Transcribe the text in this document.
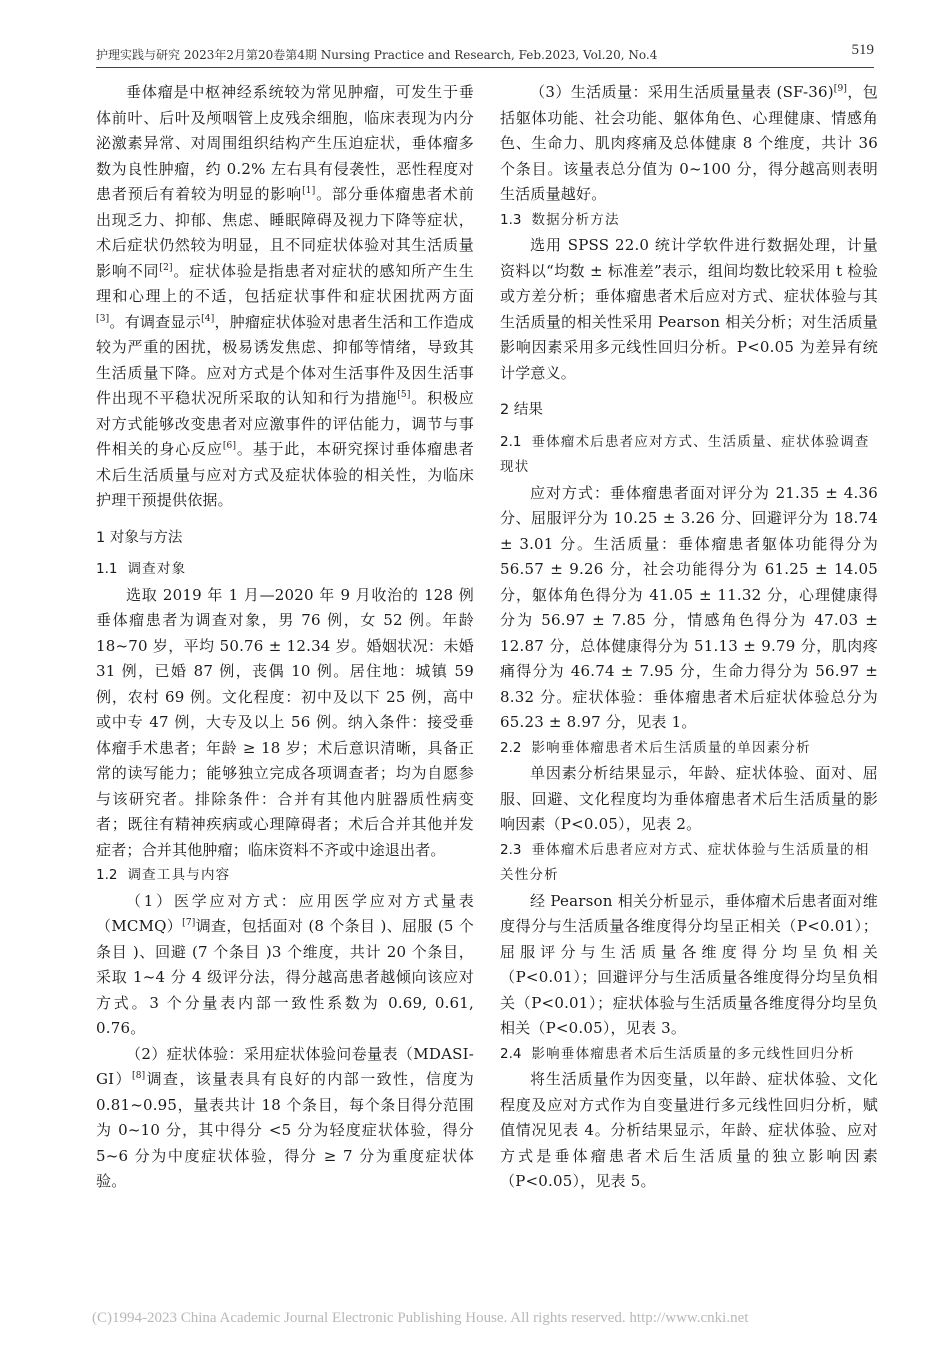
护理实践与研究 2023年2月第20卷第4期 Nursing Practice and Research, Feb.2023, Vol.20, No.4	519

垂体瘤是中枢神经系统较为常见肿瘤，可发生于垂体前叶、后叶及颅咽管上皮残余细胞，临床表现为内分泌激素异常、对周围组织结构产生压迫症状，垂体瘤多数为良性肿瘤，约 0.2% 左右具有侵袭性，恶性程度对患者预后有着较为明显的影响[1]。部分垂体瘤患者术前出现乏力、抑郁、焦虑、睡眠障碍及视力下降等症状，术后症状仍然较为明显，且不同症状体验对其生活质量影响不同[2]。症状体验是指患者对症状的感知所产生生理和心理上的不适，包括症状事件和症状困扰两方面[3]。有调查显示[4]，肿瘤症状体验对患者生活和工作造成较为严重的困扰，极易诱发焦虑、抑郁等情绪，导致其生活质量下降。应对方式是个体对生活事件及因生活事件出现不平稳状况所采取的认知和行为措施[5]。积极应对方式能够改变患者对应激事件的评估能力，调节与事件相关的身心反应[6]。基于此，本研究探讨垂体瘤患者术后生活质量与应对方式及症状体验的相关性，为临床护理干预提供依据。

1 对象与方法
1.1 调查对象

选取 2019 年 1 月—2020 年 9 月收治的 128 例垂体瘤患者为调查对象，男 76 例，女 52 例。年龄 18~70 岁，平均 50.76 ± 12.34 岁。婚姻状况：未婚 31 例，已婚 87 例，丧偶 10 例。居住地：城镇 59 例，农村 69 例。文化程度：初中及以下 25 例，高中或中专 47 例，大专及以上 56 例。纳入条件：接受垂体瘤手术患者；年龄 ≥ 18 岁；术后意识清晰，具备正常的读写能力；能够独立完成各项调查者；均为自愿参与该研究者。排除条件：合并有其他内脏器质性病变者；既往有精神疾病或心理障碍者；术后合并其他并发症者；合并其他肿瘤；临床资料不齐或中途退出者。

1.2 调查工具与内容

（1）医学应对方式：应用医学应对方式量表（MCMQ）[7]调查，包括面对 (8 个条目 )、屈服 (5 个条目 )、回避 (7 个条目 )3 个维度，共计 20 个条目，采取 1~4 分 4 级评分法，得分越高患者越倾向该应对方式。3 个分量表内部一致性系数为 0.69, 0.61, 0.76。

（2）症状体验：采用症状体验问卷量表（MDASI-GI）[8]调查，该量表具有良好的内部一致性，信度为 0.81~0.95，量表共计 18 个条目，每个条目得分范围为 0~10 分，其中得分 <5 分为轻度症状体验，得分 5~6 分为中度症状体验，得分 ≥ 7 分为重度症状体验。

（3）生活质量：采用生活质量量表 (SF-36)[9]，包括躯体功能、社会功能、躯体角色、心理健康、情感角色、生命力、肌肉疼痛及总体健康 8 个维度，共计 36 个条目。该量表总分值为 0~100 分，得分越高则表明生活质量越好。

1.3 数据分析方法

选用 SPSS 22.0 统计学软件进行数据处理，计量资料以“均数 ± 标准差”表示，组间均数比较采用 t 检验或方差分析；垂体瘤患者术后应对方式、症状体验与其生活质量的相关性采用 Pearson 相关分析；对生活质量影响因素采用多元线性回归分析。P<0.05 为差异有统计学意义。

2 结果
2.1 垂体瘤术后患者应对方式、生活质量、症状体验调查现状

应对方式：垂体瘤患者面对评分为 21.35 ± 4.36 分、屈服评分为 10.25 ± 3.26 分、回避评分为 18.74 ± 3.01 分。生活质量：垂体瘤患者躯体功能得分为 56.57 ± 9.26 分，社会功能得分为 61.25 ± 14.05 分，躯体角色得分为 41.05 ± 11.32 分，心理健康得分为 56.97 ± 7.85 分，情感角色得分为 47.03 ± 12.87 分，总体健康得分为 51.13 ± 9.79 分，肌肉疼痛得分为 46.74 ± 7.95 分，生命力得分为 56.97 ± 8.32 分。症状体验：垂体瘤患者术后症状体验总分为 65.23 ± 8.97 分，见表 1。

2.2 影响垂体瘤患者术后生活质量的单因素分析

单因素分析结果显示，年龄、症状体验、面对、屈服、回避、文化程度均为垂体瘤患者术后生活质量的影响因素（P<0.05），见表 2。

2.3 垂体瘤术后患者应对方式、症状体验与生活质量的相关性分析

经 Pearson 相关分析显示，垂体瘤术后患者面对维度得分与生活质量各维度得分均呈正相关（P<0.01）；屈服评分与生活质量各维度得分均呈负相关（P<0.01）；回避评分与生活质量各维度得分均呈负相关（P<0.01）；症状体验与生活质量各维度得分均呈负相关（P<0.05），见表 3。

2.4 影响垂体瘤患者术后生活质量的多元线性回归分析

将生活质量作为因变量，以年龄、症状体验、文化程度及应对方式作为自变量进行多元线性回归分析，赋值情况见表 4。分析结果显示，年龄、症状体验、应对方式是垂体瘤患者术后生活质量的独立影响因素（P<0.05），见表 5。

(C)1994-2023 China Academic Journal Electronic Publishing House. All rights reserved. http://www.cnki.net
